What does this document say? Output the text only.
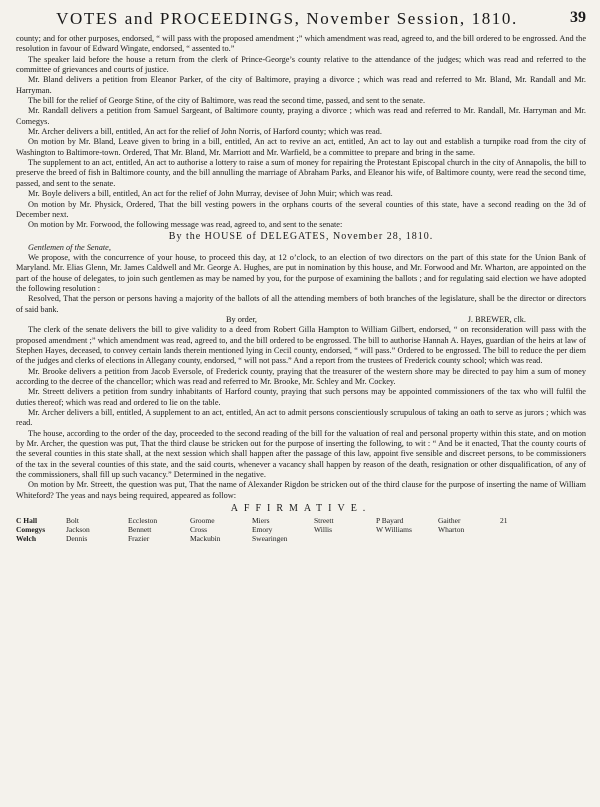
VOTES and PROCEEDINGS, November Session, 1810.	39

county; and for other purposes, endorsed, “ will pass with the proposed amendment ;” which amendment was read, agreed to, and the bill ordered to be engrossed. And the resolution in favour of Edward Wingate, endorsed, “ assented to.”

The speaker laid before the house a return from the clerk of Prince-George’s county relative to the attendance of the judges; which was read and referred to the committee of grievances and courts of justice.

Mr. Bland delivers a petition from Eleanor Parker, of the city of Baltimore, praying a divorce ; which was read and referred to Mr. Bland, Mr. Randall and Mr. Harryman.

The bill for the relief of George Stine, of the city of Baltimore, was read the second time, passed, and sent to the senate.

Mr. Randall delivers a petition from Samuel Sargeant, of Baltimore county, praying a divorce ; which was read and referred to Mr. Randall, Mr. Harryman and Mr. Comegys.

Mr. Archer delivers a bill, entitled, An act for the relief of John Norris, of Harford county; which was read.

On motion by Mr. Bland, Leave given to bring in a bill, entitled, An act to revive an act, entitled, An act to lay out and establish a turnpike road from the city of Washington to Baltimore-town. Ordered, That Mr. Bland, Mr. Marriott and Mr. Warfield, be a committee to prepare and bring in the same.

The supplement to an act, entitled, An act to authorise a lottery to raise a sum of money for repairing the Protestant Episcopal church in the city of Annapolis, the bill to preserve the breed of fish in Baltimore county, and the bill annulling the marriage of Abraham Parks, and Eleanor his wife, of Baltimore county, were read the second time, passed, and sent to the senate.

Mr. Boyle delivers a bill, entitled, An act for the relief of John Murray, devisee of John Muir; which was read.

On motion by Mr. Physick, Ordered, That the bill vesting powers in the orphans courts of the several counties of this state, have a second reading on the 3d of December next.

On motion by Mr. Forwood, the following message was read, agreed to, and sent to the senate:

By the HOUSE of DELEGATES, November 28, 1810.

Gentlemen of the Senate,

We propose, with the concurrence of your house, to proceed this day, at 12 o’clock, to an election of two directors on the part of this state for the Union Bank of Maryland. Mr. Elias Glenn, Mr. James Caldwell and Mr. George A. Hughes, are put in nomination by this house, and Mr. Forwood and Mr. Wharton, are appointed on the part of the house of delegates, to join such gentlemen as may be named by you, for the purpose of examining the ballots ; and for regulating said election we have adopted the following resolution :

Resolved, That the person or persons having a majority of the ballots of all the attending members of both branches of the legislature, shall be the director or directors of said bank.

By order,	J. BREWER, clk.

The clerk of the senate delivers the bill to give validity to a deed from Robert Gilla Hampton to William Gilbert, endorsed, “ on reconsideration will pass with the proposed amendment ;” which amendment was read, agreed to, and the bill ordered to be engrossed. The bill to authorise Hannah A. Hayes, guardian of the heirs at law of Stephen Hayes, deceased, to convey certain lands therein mentioned lying in Cecil county, endorsed, “ will pass.” Ordered to be engrossed. The bill to reduce the per diem of the judges and clerks of elections in Allegany county, endorsed, “ will not pass.” And a report from the trustees of Frederick county school; which was read.

Mr. Brooke delivers a petition from Jacob Eversole, of Frederick county, praying that the treasurer of the western shore may be directed to pay him a sum of money according to the decree of the chancellor; which was read and referred to Mr. Brooke, Mr. Schley and Mr. Cockey.

Mr. Streett delivers a petition from sundry inhabitants of Harford county, praying that such persons may be appointed commissioners of the tax who will fulfil the duties thereof; which was read and ordered to lie on the table.

Mr. Archer delivers a bill, entitled, A supplement to an act, entitled, An act to admit persons conscientiously scrupulous of taking an oath to serve as jurors ; which was read.

The house, according to the order of the day, proceeded to the second reading of the bill for the valuation of real and personal property within this state, and on motion by Mr. Archer, the question was put, That the third clause be stricken out for the purpose of inserting the following, to wit : “ And be it enacted, That the county courts of the several counties in this state shall, at the next session which shall happen after the passage of this law, appoint five sensible and discreet persons, to be commissioners of the tax in the several counties of this state, and the said courts, whenever a vacancy shall happen by reason of the death, resignation or other disqualification, of any of the commissioners, shall fill up such vacancy.” Determined in the negative.

On motion by Mr. Streett, the question was put, That the name of Alexander Rigdon be stricken out of the third clause for the purpose of inserting the name of William Whiteford? The yeas and nays being required, appeared as follow:

AFFIRMATIVE.
C Hall
Comegys
Welch
Bolt
Jackson
Dennis
Eccleston
Bennett
Frazier
Groome
Cross
Mackubin
Miers
Emory
Swearingen
Streett
Willis
P Bayard
W Williams
Gaither
Wharton
21
